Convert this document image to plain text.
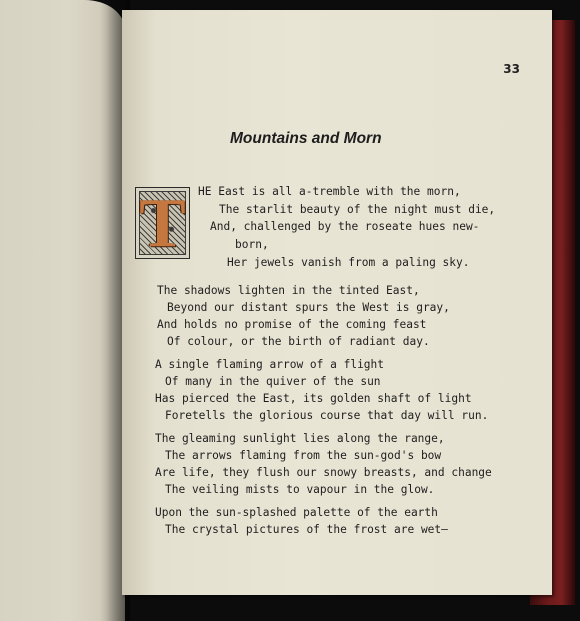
33
Mountains and Morn
T HE East is all a-tremble with the morn,
The starlit beauty of the night must die,
And, challenged by the roseate hues new-
born,
Her jewels vanish from a paling sky.
The shadows lighten in the tinted East,
Beyond our distant spurs the West is gray,
And holds no promise of the coming feast
Of colour, or the birth of radiant day.
A single flaming arrow of a flight
Of many in the quiver of the sun
Has pierced the East, its golden shaft of light
Foretells the glorious course that day will run.
The gleaming sunlight lies along the range,
The arrows flaming from the sun-god's bow
Are life, they flush our snowy breasts, and change
The veiling mists to vapour in the glow.
Upon the sun-splashed palette of the earth
The crystal pictures of the frost are wet—
